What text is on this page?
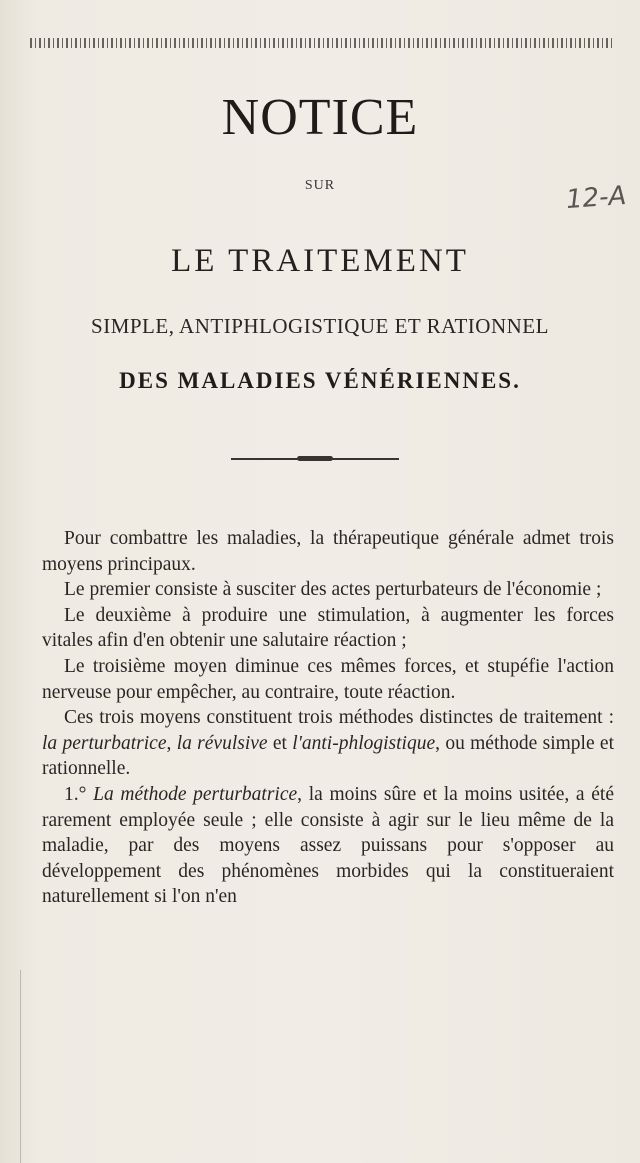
NOTICE
SUR	12-A
LE TRAITEMENT
SIMPLE, ANTIPHLOGISTIQUE ET RATIONNEL
DES MALADIES VÉNÉRIENNES.

Pour combattre les maladies, la thérapeutique générale admet trois moyens principaux.

Le premier consiste à susciter des actes perturbateurs de l'économie ;

Le deuxième à produire une stimulation, à augmenter les forces vitales afin d'en obtenir une salutaire réaction ;

Le troisième moyen diminue ces mêmes forces, et stupéfie l'action nerveuse pour empêcher, au contraire, toute réaction.

Ces trois moyens constituent trois méthodes distinctes de traitement : la perturbatrice, la révulsive et l'anti-phlogistique, ou méthode simple et rationnelle.

1.° La méthode perturbatrice, la moins sûre et la moins usitée, a été rarement employée seule ; elle consiste à agir sur le lieu même de la maladie, par des moyens assez puissans pour s'opposer au développement des phénomènes morbides qui la constitueraient naturellement si l'on n'en
